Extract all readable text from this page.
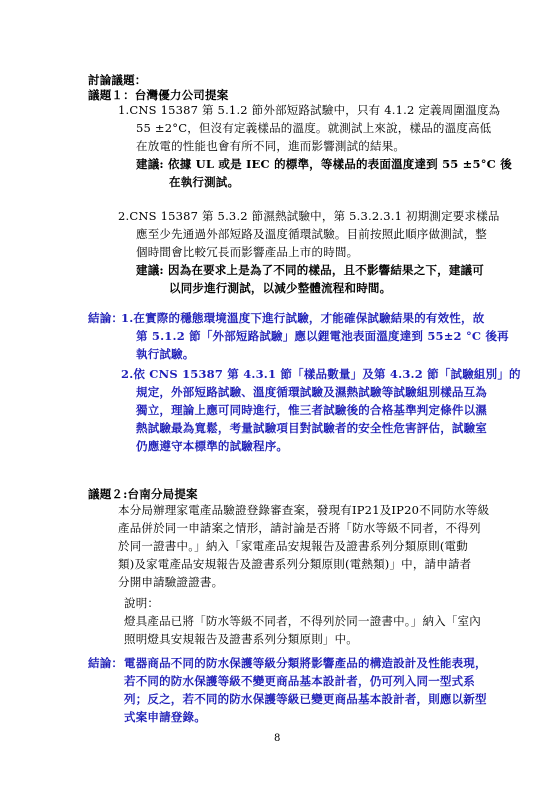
討論議題：
議題１：台灣優力公司提案
1.CNS 15387 第 5.1.2 節外部短路試驗中，只有 4.1.2 定義周圍溫度為
55 ±2°C，但沒有定義樣品的溫度。就測試上來說，樣品的溫度高低
在放電的性能也會有所不同，進而影響測試的結果。
建議: 依據 UL 或是 IEC 的標準，等樣品的表面溫度達到 55 ±5°C 後
在執行測試。
2.CNS 15387 第 5.3.2 節濕熱試驗中，第 5.3.2.3.1 初期測定要求樣品
應至少先通過外部短路及溫度循環試驗。目前按照此順序做測試，整
個時間會比較冗長而影響產品上市的時間。
建議: 因為在要求上是為了不同的樣品，且不影響結果之下，建議可
以同步進行測試，以減少整體流程和時間。
結論：
1.在實際的穩態環境溫度下進行試驗，才能確保試驗結果的有效性，故
第 5.1.2 節「外部短路試驗」應以鋰電池表面溫度達到 55±2 °C 後再
執行試驗。
2.依 CNS 15387 第 4.3.1 節「樣品數量」及第 4.3.2 節「試驗組別」的
規定，外部短路試驗、溫度循環試驗及濕熱試驗等試驗組別樣品互為
獨立，理論上應可同時進行，惟三者試驗後的合格基準判定條件以濕
熱試驗最為寬鬆，考量試驗項目對試驗者的安全性危害評估，試驗室
仍應遵守本標準的試驗程序。
議題２:台南分局提案
本分局辦理家電產品驗證登錄審查案，發現有IP21及IP20不同防水等級
產品併於同一申請案之情形，請討論是否將「防水等級不同者，不得列
於同一證書中。」納入「家電產品安規報告及證書系列分類原則(電動
類)及家電產品安規報告及證書系列分類原則(電熱類)」中，請申請者
分開申請驗證證書。
說明：
燈具產品已將「防水等級不同者，不得列於同一證書中。」納入「室內
照明燈具安規報告及證書系列分類原則」中。
結論： 電器商品不同的防水保護等級分類將影響產品的構造設計及性能表現，
若不同的防水保護等級不變更商品基本設計者，仍可列入同一型式系
列；反之，若不同的防水保護等級已變更商品基本設計者，則應以新型
式案申請登錄。
8
